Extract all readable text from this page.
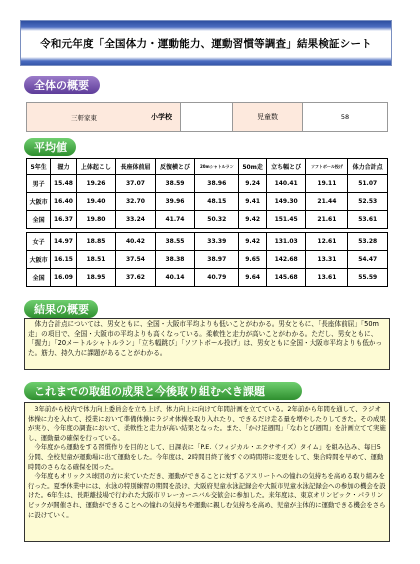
令和元年度「全国体力・運動能力、運動習慣等調査」結果検証シート
全体の概要
三軒家東	小学校	児童数	58
平均値
5年生	握力	上体起こし	長座体前屈	反復横とび	20mシャトルラン	50m走	立ち幅とび	ソフトボール投げ	体力合計点
男子	15.48	19.26	37.07	38.59	38.96	9.24	140.41	19.11	51.07
大阪市	16.40	19.40	32.70	39.96	48.15	9.41	149.30	21.44	52.53
全国	16.37	19.80	33.24	41.74	50.32	9.42	151.45	21.61	53.61

女子	14.97	18.85	40.42	38.55	33.39	9.42	131.03	12.61	53.28
大阪市	16.15	18.51	37.54	38.38	38.97	9.65	142.68	13.31	54.47
全国	16.09	18.95	37.62	40.14	40.79	9.64	145.68	13.61	55.59
結果の概要

体力合計点については、男女ともに、全国・大阪市平均よりも低いことがわかる。男女ともに、「長座体前屈」「50m走」の項目で、全国・大阪市の平均よりも高くなっている。柔軟性と走力が高いことがわかる。ただし、男女ともに、「握力」「20メートルシャトルラン」「立ち幅跳び」「ソフトボール投げ」は、男女ともに全国・大阪市平均よりも低かった。筋力、持久力に課題があることがわかる。

これまでの取組の成果と今後取り組むべき課題

3年前から校内で体力向上委員会を立ち上げ、体力向上に向けて年間計画を立てている。2年前から年間を通して、ラジオ体操に力を入れて、授業において準備体操にラジオ体操を取り入れたり、できるだけ走る量を増やしたりしてきた。その成果が実り、今年度の調査において、柔軟性と走力が高い結果となった。また、「かけ足週間」「なわとび週間」を計画立てて実施し、運動量の確保を行っている。

今年度から運動をする習慣作りを目的として、日課表に「P.E.（フィジカル・エクササイズ）タイム」を組み込み、毎日5分間、全校児童が運動場に出て運動をした。今年度は、2時間目終了後すぐの時間帯に変更をして、集合時間を早めて、運動時間のさらなる確保を図った。

今年度もオリックス球団の方に来ていただき、運動ができることに対するアスリートへの憧れの気持ちを高める取り組みを行った。夏季休業中には、水泳の特別練習の期間を設け、大阪府児童水泳記録会や大阪市児童水泳記録会への参加の機会を設けた。6年生は、長距離技場で行われた大阪市リレーカーニバル交歓会に参加した。来年度は、東京オリンピック・パラリンピックが開催され、運動ができることへの憧れの気持ちや運動に親しむ気持ちを高め、児童が主体的に運動できる機会をさらに設けていく。
